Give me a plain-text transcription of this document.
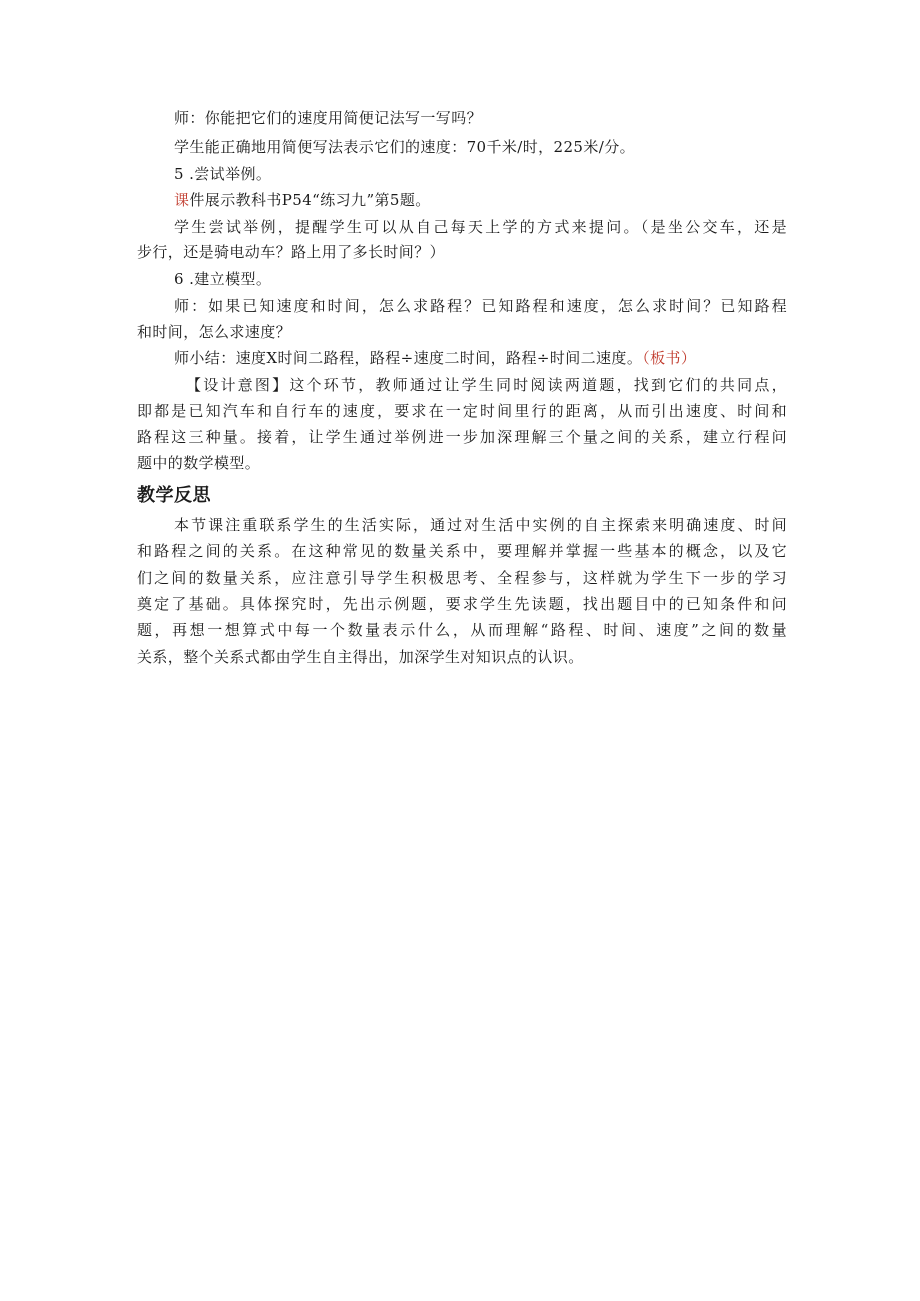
师：你能把它们的速度用简便记法写一写吗？
学生能正确地用简便写法表示它们的速度：70千米/时，225米/分。
5 .尝试举例。
课件展示教科书P54“练习九”第5题。
学生尝试举例，提醒学生可以从自己每天上学的方式来提问。（是坐公交车，还是
步行，还是骑电动车？路上用了多长时间？）
6 .建立模型。
师：如果已知速度和时间，怎么求路程？已知路程和速度，怎么求时间？已知路程
和时间，怎么求速度？
师小结：速度X时间二路程，路程÷速度二时间，路程÷时间二速度。（板书）
【设计意图】这个环节，教师通过让学生同时阅读两道题，找到它们的共同点，
即都是已知汽车和自行车的速度，要求在一定时间里行的距离，从而引出速度、时间和
路程这三种量。接着，让学生通过举例进一步加深理解三个量之间的关系，建立行程问
题中的数学模型。
教学反思
本节课注重联系学生的生活实际，通过对生活中实例的自主探索来明确速度、时间
和路程之间的关系。在这种常见的数量关系中，要理解并掌握一些基本的概念，以及它
们之间的数量关系，应注意引导学生积极思考、全程参与，这样就为学生下一步的学习
奠定了基础。具体探究时，先出示例题，要求学生先读题，找出题目中的已知条件和问
题，再想一想算式中每一个数量表示什么，从而理解“路程、时间、速度”之间的数量
关系，整个关系式都由学生自主得出，加深学生对知识点的认识。
